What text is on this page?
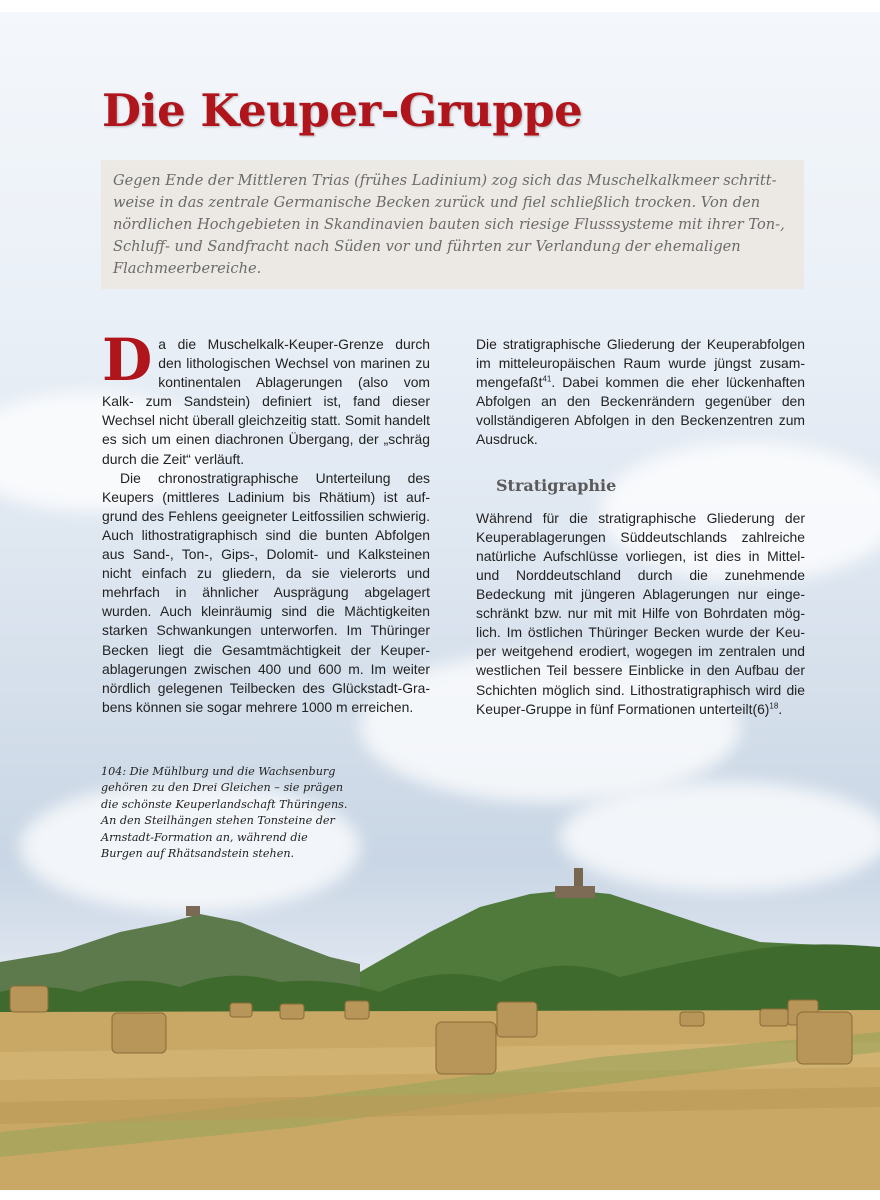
Die Keuper-Gruppe

Gegen Ende der Mittleren Trias (frühes Ladinium) zog sich das Muschelkalkmeer schrittweise in das zentrale Germanische Becken zurück und fiel schließlich trocken. Von den nördlichen Hochgebieten in Skandinavien bauten sich riesige Flusssysteme mit ihrer Ton-, Schluff- und Sandfracht nach Süden vor und führten zur Verlandung der ehemaligen Flachmeerbereiche.

Da die Muschelkalk-Keuper-Grenze durch den lithologischen Wechsel von marinen zu kontinentalen Ablagerungen (also vom Kalk- zum Sandstein) definiert ist, fand dieser Wechsel nicht überall gleichzeitig statt. Somit handelt es sich um einen diachronen Übergang, der „schräg durch die Zeit“ verläuft.

Die chronostratigraphische Unterteilung des Keupers (mittleres Ladinium bis Rhätium) ist aufgrund des Fehlens geeigneter Leitfossilien schwierig. Auch lithostratigraphisch sind die bunten Abfolgen aus Sand-, Ton-, Gips-, Dolomit- und Kalksteinen nicht einfach zu gliedern, da sie vielerorts und mehrfach in ähnlicher Ausprägung abgelagert wurden. Auch kleinräumig sind die Mächtigkeiten starken Schwankungen unterworfen. Im Thüringer Becken liegt die Gesamtmächtigkeit der Keuperablagerungen zwischen 400 und 600 m. Im weiter nördlich gelegenen Teilbecken des Glückstadt-Grabens können sie sogar mehrere 1000 m erreichen.

Die stratigraphische Gliederung der Keuperabfolgen im mitteleuropäischen Raum wurde jüngst zusammengefaßt$^{41}$. Dabei kommen die eher lückenhaften Abfolgen an den Beckenrändern gegenüber den vollständigeren Abfolgen in den Beckenzentren zum Ausdruck.

Stratigraphie

Während für die stratigraphische Gliederung der Keuperablagerungen Süddeutschlands zahlreiche natürliche Aufschlüsse vorliegen, ist dies in Mittel- und Norddeutschland durch die zunehmende Bedeckung mit jüngeren Ablagerungen nur eingeschränkt bzw. nur mit mit Hilfe von Bohrdaten möglich. Im östlichen Thüringer Becken wurde der Keuper weitgehend erodiert, wogegen im zentralen und westlichen Teil bessere Einblicke in den Aufbau der Schichten möglich sind. Lithostratigraphisch wird die Keuper-Gruppe in fünf Formationen $unterteilt(6)^{18}$.

104: Die Mühlburg und die Wachsenburg gehören zu den Drei Gleichen – sie prägen die schönste Keuperlandschaft Thüringens. An den Steilhängen stehen Tonsteine der Arnstadt-Formation an, während die Burgen auf Rhätsandstein stehen.
